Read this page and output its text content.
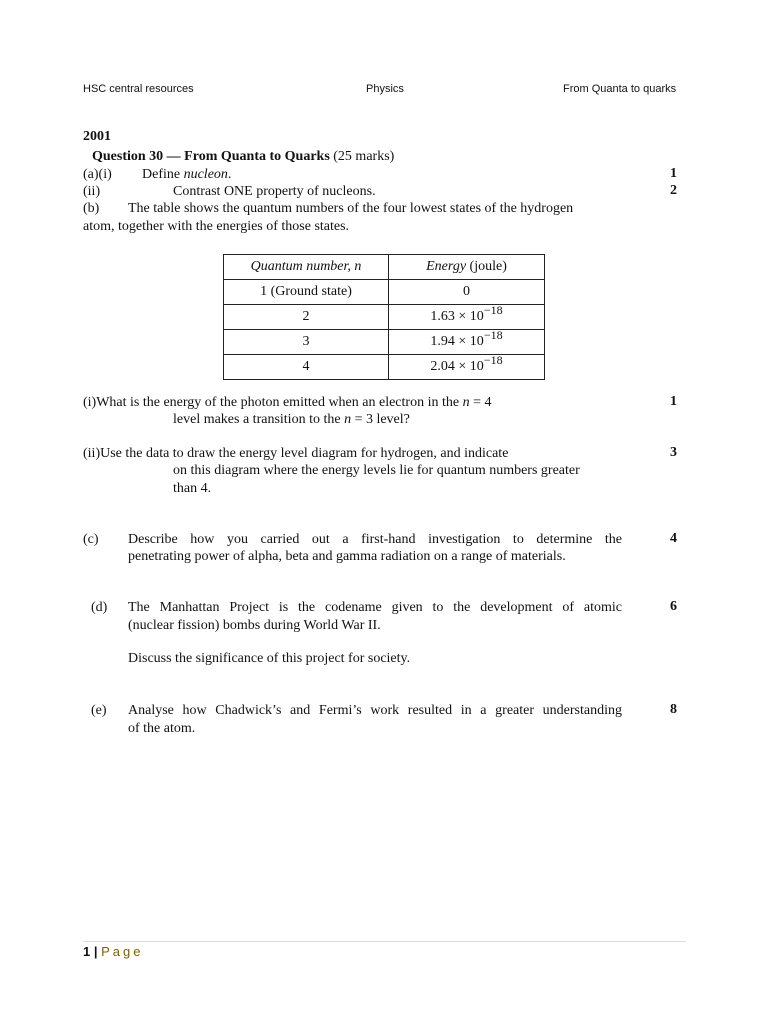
HSC central resources	Physics	From Quanta to quarks
2001
Question 30 — From Quanta to Quarks (25 marks)
(a)(i) Define nucleon.	1
(ii)	Contrast ONE property of nucleons.	2
(b) The table shows the quantum numbers of the four lowest states of the hydrogen
atom, together with the energies of those states.
Quantum number, n	Energy (joule)
1 (Ground state)	0
2	$1.63 \times 10^{-18}$
3	$1.94 \times 10^{-18}$
4	$2.04 \times 10^{-18}$
(i)What is the energy of the photon emitted when an electron in the n = 4
level makes a transition to the n = 3 level?
1
(ii)Use the data to draw the energy level diagram for hydrogen, and indicate
on this diagram where the energy levels lie for quantum numbers greater
than 4.
3
(c) Describe how you carried out a first-hand investigation to determine the
penetrating power of alpha, beta and gamma radiation on a range of materials.
4
(d) The Manhattan Project is the codename given to the development of atomic
(nuclear fission) bombs during World War II.
Discuss the significance of this project for society.
6
(e) Analyse how Chadwick’s and Fermi’s work resulted in a greater understanding
of the atom.
8
1 | Page
